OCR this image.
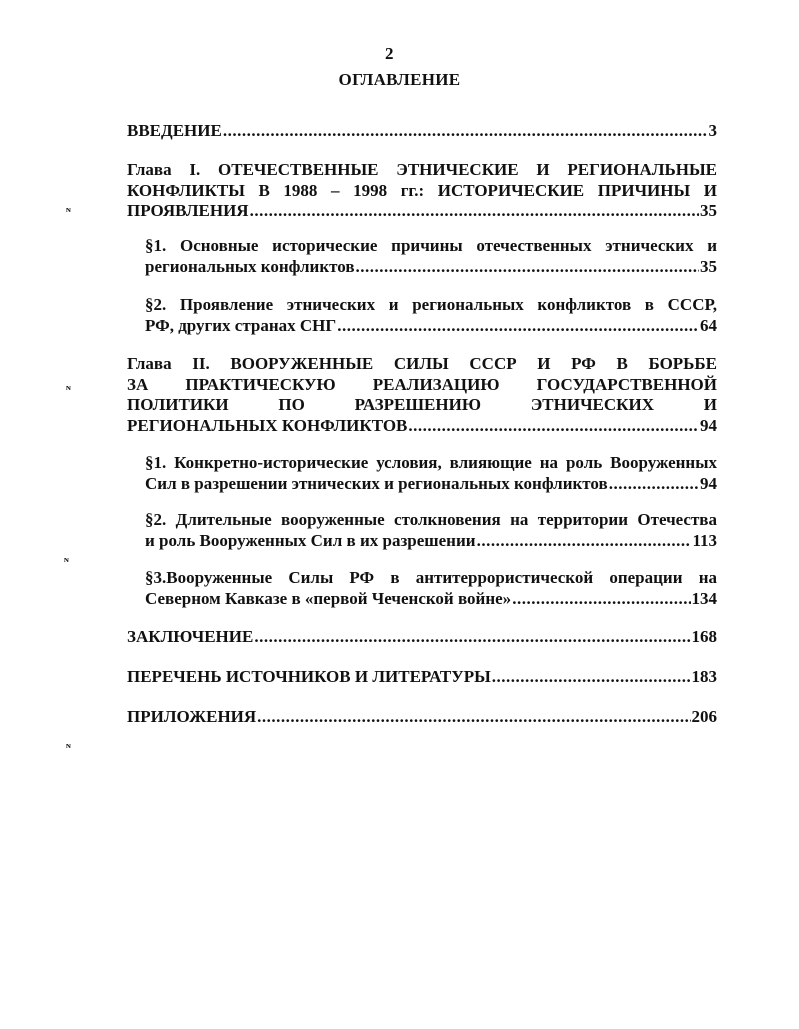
2
ОГЛАВЛЕНИЕ
ВВЕДЕНИЕ .....	3
Глава I. ОТЕЧЕСТВЕННЫЕ ЭТНИЧЕСКИЕ И РЕГИОНАЛЬНЫЕ
КОНФЛИКТЫ В 1988 – 1998 гг.: ИСТОРИЧЕСКИЕ ПРИЧИНЫ И
ПРОЯВЛЕНИЯ .....	35
§1. Основные исторические причины отечественных этнических и
региональных конфликтов .....	35
§2. Проявление этнических и региональных конфликтов в СССР,
РФ, других странах СНГ .....	64
Глава II. ВООРУЖЕННЫЕ СИЛЫ СССР И РФ В БОРЬБЕ
ЗА ПРАКТИЧЕСКУЮ РЕАЛИЗАЦИЮ ГОСУДАРСТВЕННОЙ
ПОЛИТИКИ ПО РАЗРЕШЕНИЮ ЭТНИЧЕСКИХ И
РЕГИОНАЛЬНЫХ КОНФЛИКТОВ .....	94
§1. Конкретно-исторические условия, влияющие на роль Вооруженных
Сил в разрешении этнических и региональных конфликтов .....	94
§2. Длительные вооруженные столкновения на территории Отечества
и роль Вооруженных Сил в их разрешении .....	113
§3.Вооруженные Силы РФ в антитеррористической операции на
Северном Кавказе в «первой Чеченской войне» .....	134
ЗАКЛЮЧЕНИЕ .....	168
ПЕРЕЧЕНЬ ИСТОЧНИКОВ И ЛИТЕРАТУРЫ .....	183
ПРИЛОЖЕНИЯ .....	206
ᴺ
ᴺ
ᴺ
ᴺ
